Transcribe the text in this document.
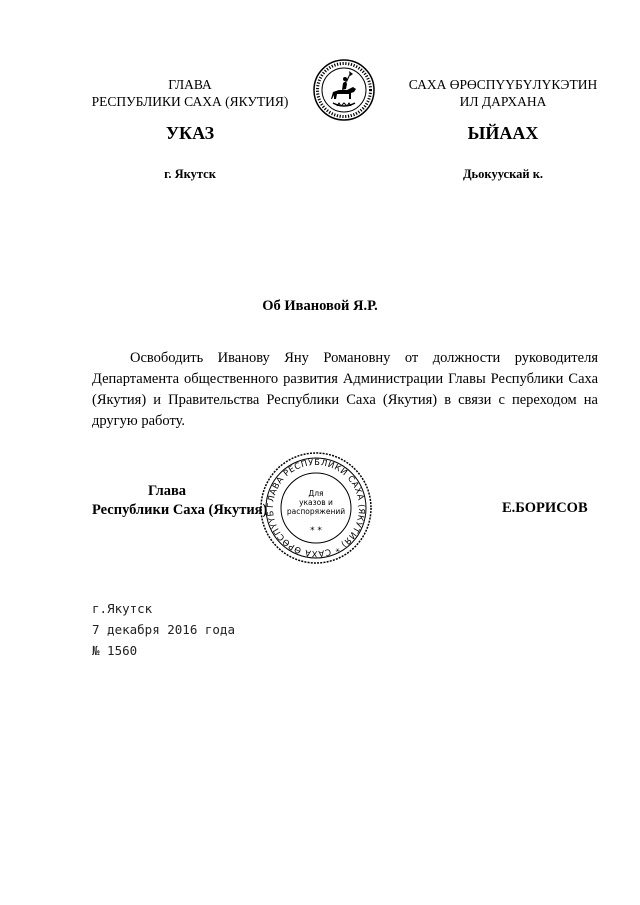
ГЛАВА
РЕСПУБЛИКИ САХА (ЯКУТИЯ)
САХА ӨРӨСПҮҮБҮЛҮКЭТИН
ИЛ ДАРХАНА
УКАЗ	ЫЙААХ
г. Якутск	Дьокуускай к.
Об Ивановой Я.Р.
Освободить Иванову Яну Романовну от должности руководителя Департамента общественного развития Администрации Главы Республики Саха (Якутия) и Правительства Республики Саха (Якутия) в связи с переходом на другую работу.
ГЛАВА РЕСПУБЛИКИ САХА (ЯКУТИЯ) * САХА ӨРӨСПҮҮБ
Для указов и распоряжений
* *
Глава
Республики Саха (Якутия)	Е.БОРИСОВ
г.Якутск
7 декабря 2016 года
№ 1560
